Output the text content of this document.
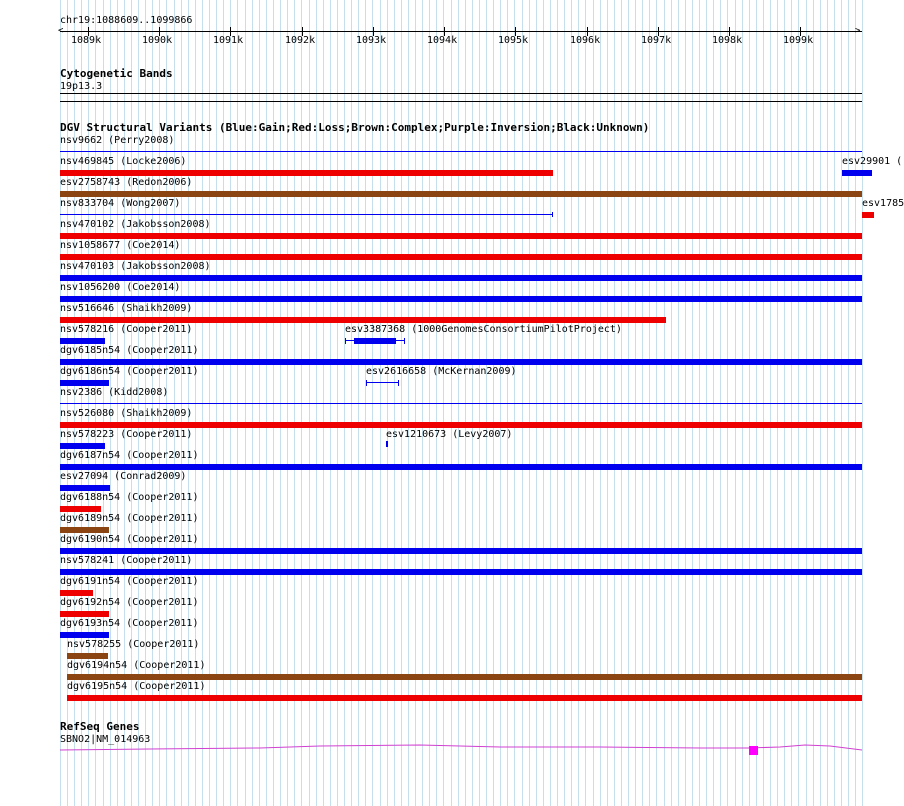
chr19:1088609..1099866
<	>
1089k	1090k	1091k	1092k	1093k	1094k	1095k	1096k	1097k	1098k	1099k
Cytogenetic Bands
19p13.3
DGV Structural Variants (Blue:Gain;Red:Loss;Brown:Complex;Purple:Inversion;Black:Unknown)
nsv9662 (Perry2008)
nsv469845 (Locke2006)	esv29901 (
esv2758743 (Redon2006)
nsv833704 (Wong2007)	esv1785
nsv470102 (Jakobsson2008)
nsv1058677 (Coe2014)
nsv470103 (Jakobsson2008)
nsv1056200 (Coe2014)
nsv516646 (Shaikh2009)
nsv578216 (Cooper2011)	esv3387368 (1000GenomesConsortiumPilotProject)
dgv6185n54 (Cooper2011)
dgv6186n54 (Cooper2011)	esv2616658 (McKernan2009)
nsv2386 (Kidd2008)
nsv526080 (Shaikh2009)
nsv578223 (Cooper2011)	esv1210673 (Levy2007)
dgv6187n54 (Cooper2011)
esv27094 (Conrad2009)
dgv6188n54 (Cooper2011)
dgv6189n54 (Cooper2011)
dgv6190n54 (Cooper2011)
nsv578241 (Cooper2011)
dgv6191n54 (Cooper2011)
dgv6192n54 (Cooper2011)
dgv6193n54 (Cooper2011)
nsv578255 (Cooper2011)
dgv6194n54 (Cooper2011)
dgv6195n54 (Cooper2011)
RefSeq Genes
SBNO2|NM_014963
